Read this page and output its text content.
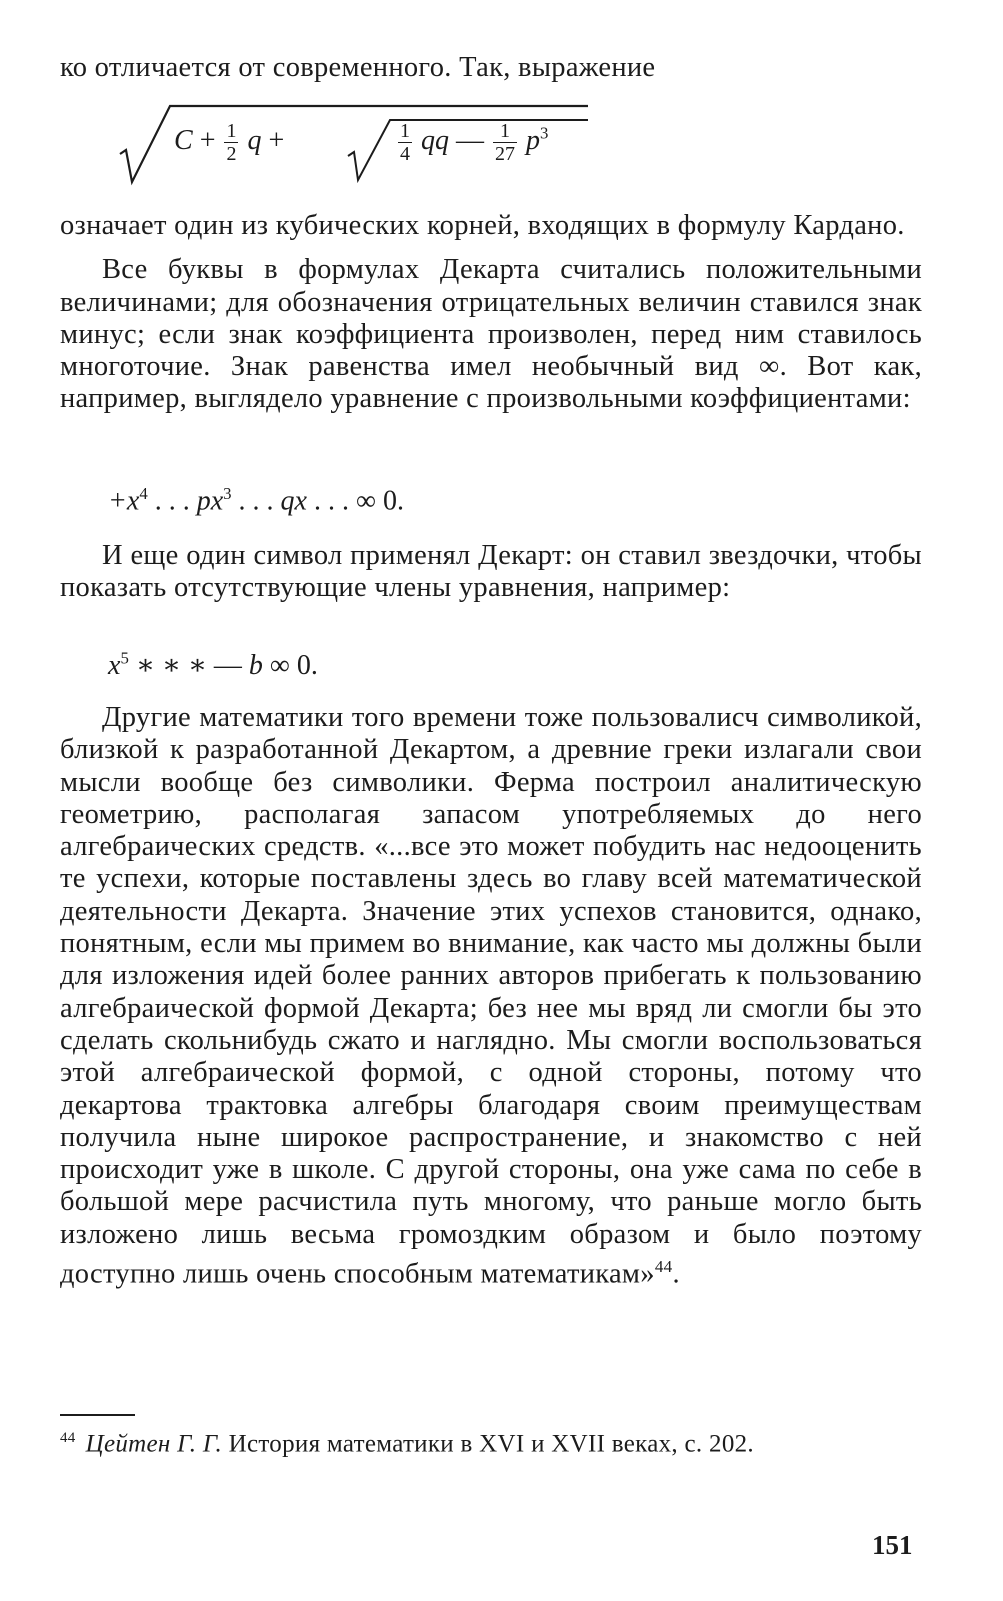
ко отличается от современного. Так, выражение

$C + \frac{1}{2}$ q +	$\frac{1}{4}$ qq — $\frac{1}{27} p^3$

означает один из кубических корней, входящих в формулу Кардано.

Все буквы в формулах Декарта считались положительными величинами; для обозначения отрицательных величин ставился знак минус; если знак коэффициента произволен, перед ним ставилось многоточие. Знак равенства имел необычный вид ∞. Вот как, например, выглядело уравнение с произвольными коэффициентами:

$+x^4$ . . . $px^3$ . . . qx . . . ∞ 0.

И еще один символ применял Декарт: он ставил звездочки, чтобы показать отсутствующие члены уравнения, например:

$x^5$ ∗ ∗ ∗ — b ∞ 0.

Другие математики того времени тоже пользовалисч символикой, близкой к разработанной Декартом, а древние греки излагали свои мысли вообще без символики. Ферма построил аналитическую геометрию, располагая запасом употребляемых до него алгебраических средств. «...все это может побудить нас недооценить те успехи, которые поставлены здесь во главу всей математической деятельности Декарта. Значение этих успехов становится, однако, понятным, если мы примем во внимание, как часто мы должны были для изложения идей более ранних авторов прибегать к пользованию алгебраической формой Декарта; без нее мы вряд ли смогли бы это сделать скольнибудь сжато и наглядно. Мы смогли воспользоваться этой алгебраической формой, с одной стороны, потому что декартова трактовка алгебры благодаря своим преимуществам получила ныне широкое распространение, и знакомство с ней происходит уже в школе. С другой стороны, она уже сама по себе в большой мере расчистила путь многому, что раньше могло быть изложено лишь весьма громоздким образом и было поэтому доступно лишь очень способным математикам»$^{44}$.

$^{44}$ Цейтен Г. Г. История математики в XVI и XVII веках, с. 202.
151
